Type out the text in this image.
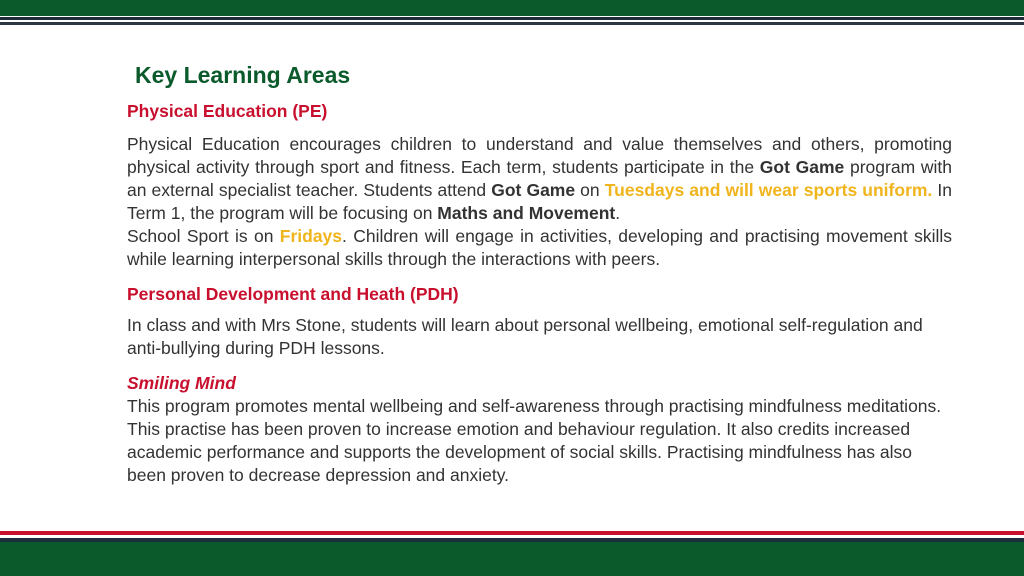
Key Learning Areas
Physical Education (PE)

Physical Education encourages children to understand and value themselves and others, promoting physical activity through sport and fitness. Each term, students participate in the Got Game program with an external specialist teacher. Students attend Got Game on Tuesdays and will wear sports uniform. In Term 1, the program will be focusing on Maths and Movement.

School Sport is on Fridays. Children will engage in activities, developing and practising movement skills while learning interpersonal skills through the interactions with peers.

Personal Development and Heath (PDH)

In class and with Mrs Stone, students will learn about personal wellbeing, emotional self-regulation and anti-bullying during PDH lessons.

Smiling Mind

This program promotes mental wellbeing and self-awareness through practising mindfulness meditations. This practise has been proven to increase emotion and behaviour regulation. It also credits increased academic performance and supports the development of social skills. Practising mindfulness has also been proven to decrease depression and anxiety.
